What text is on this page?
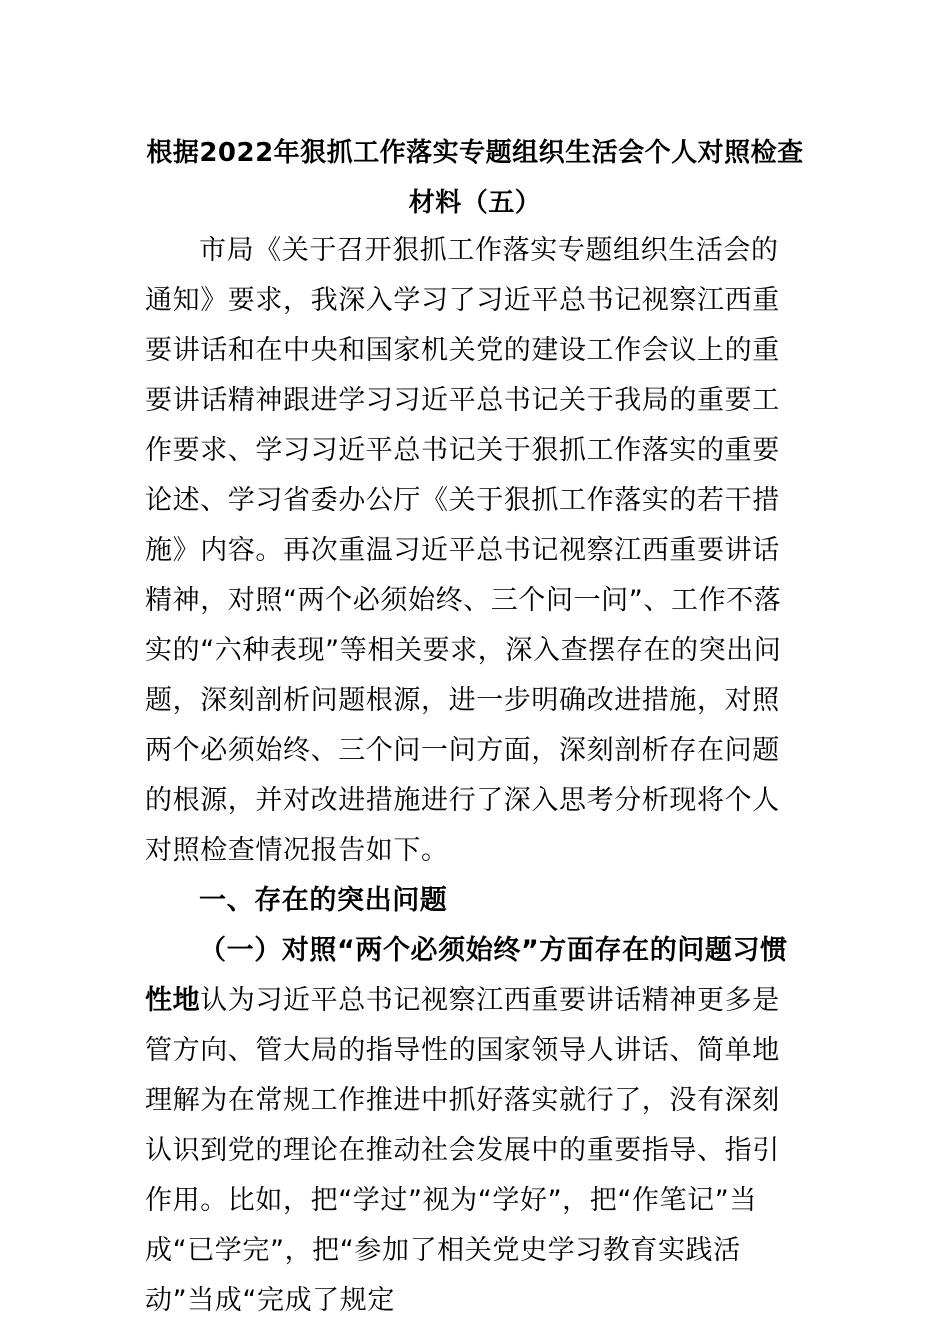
根据2022年狠抓工作落实专题组织生活会个人对照检查材料（五）

市局《关于召开狠抓工作落实专题组织生活会的通知》要求，我深入学习了习近平总书记视察江西重要讲话和在中央和国家机关党的建设工作会议上的重要讲话精神跟进学习习近平总书记关于我局的重要工作要求、学习习近平总书记关于狠抓工作落实的重要论述、学习省委办公厅《关于狠抓工作落实的若干措施》内容。再次重温习近平总书记视察江西重要讲话精神，对照“两个必须始终、三个问一问”、工作不落实的“六种表现”等相关要求，深入查摆存在的突出问题，深刻剖析问题根源，进一步明确改进措施，对照两个必须始终、三个问一问方面，深刻剖析存在问题的根源，并对改进措施进行了深入思考分析现将个人对照检查情况报告如下。

一、存在的突出问题

（一）对照“两个必须始终”方面存在的问题习惯性地认为习近平总书记视察江西重要讲话精神更多是管方向、管大局的指导性的国家领导人讲话、简单地理解为在常规工作推进中抓好落实就行了，没有深刻认识到党的理论在推动社会发展中的重要指导、指引作用。比如，把“学过”视为“学好”，把“作笔记”当成“已学完”，把“参加了相关党史学习教育实践活动”当成“完成了规定
